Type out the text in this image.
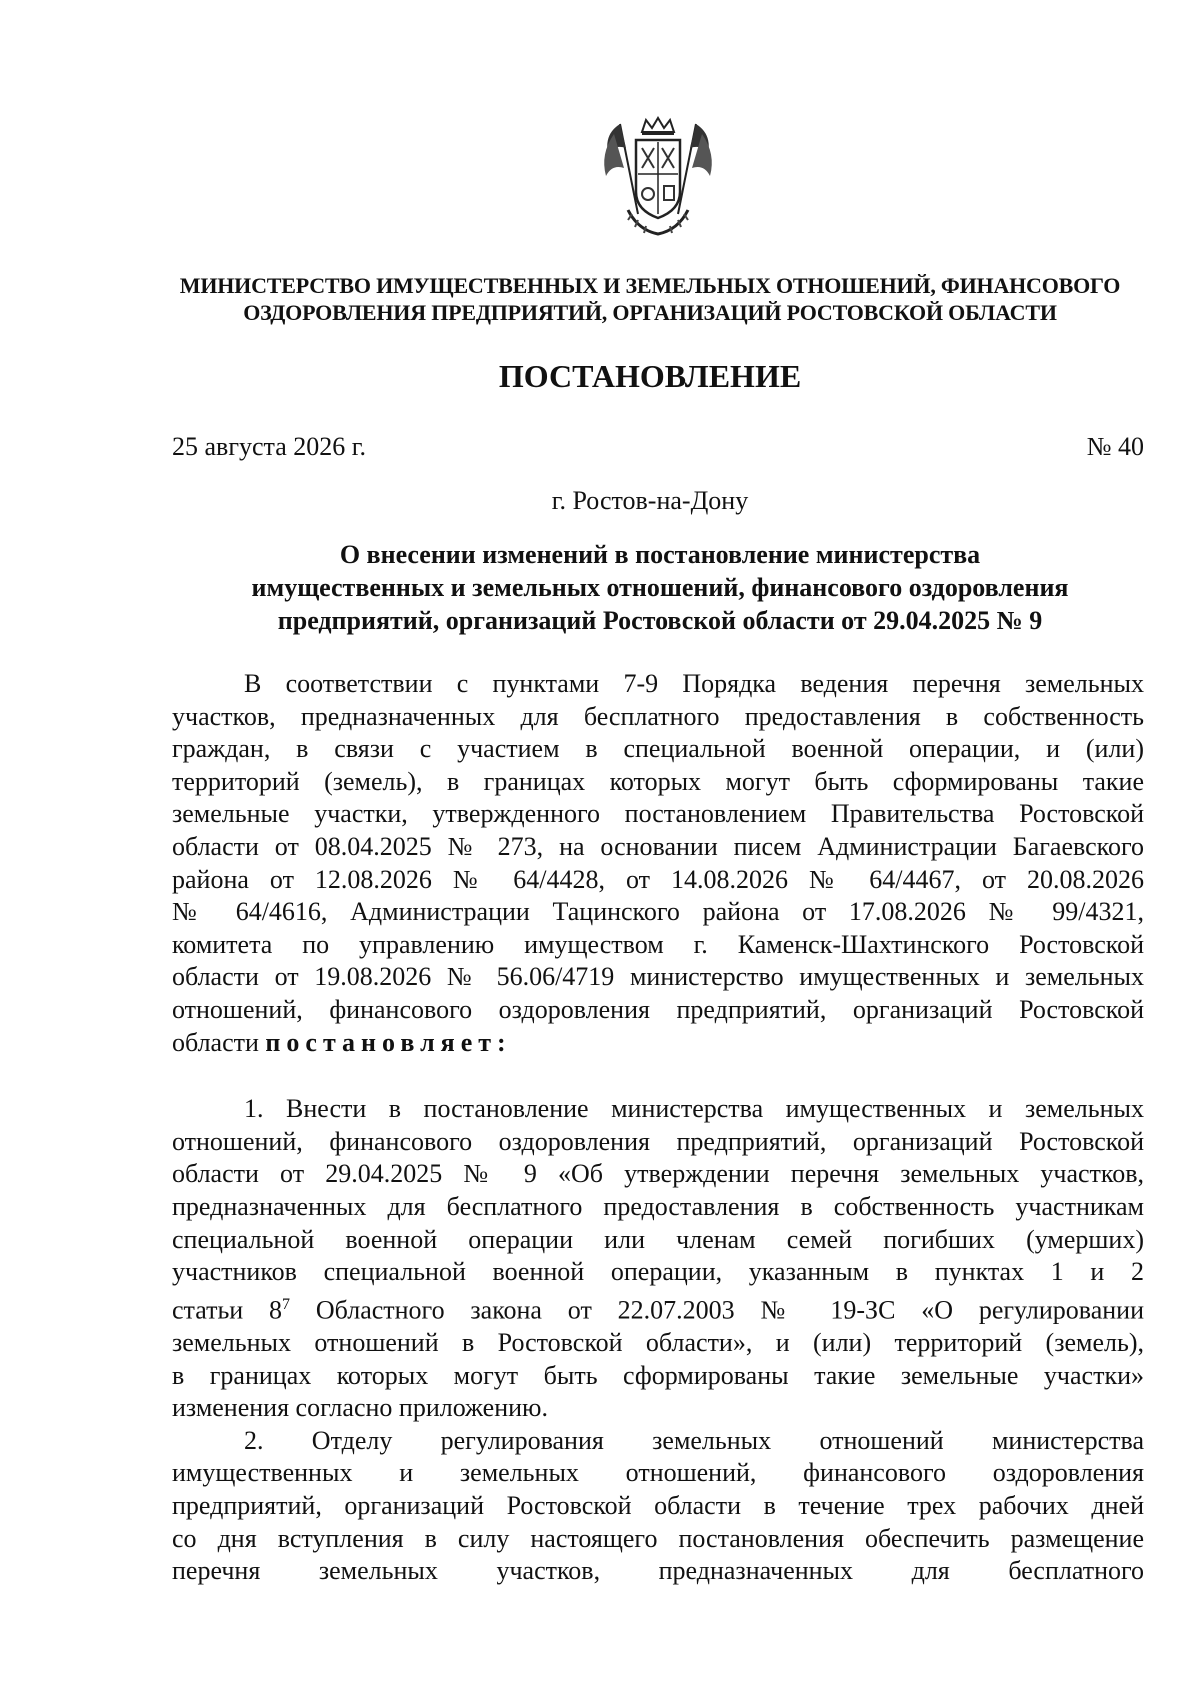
МИНИСТЕРСТВО ИМУЩЕСТВЕННЫХ И ЗЕМЕЛЬНЫХ ОТНОШЕНИЙ, ФИНАНСОВОГО
ОЗДОРОВЛЕНИЯ ПРЕДПРИЯТИЙ, ОРГАНИЗАЦИЙ РОСТОВСКОЙ ОБЛАСТИ
ПОСТАНОВЛЕНИЕ
25 августа 2026 г.	№ 40
г. Ростов-на-Дону
О внесении изменений в постановление министерства
имущественных и земельных отношений, финансового оздоровления
предприятий, организаций Ростовской области от 29.04.2025 № 9
В соответствии с пунктами 7-9 Порядка ведения перечня земельных
участков, предназначенных для бесплатного предоставления в собственность
граждан, в связи с участием в специальной военной операции, и (или)
территорий (земель), в границах которых могут быть сформированы такие
земельные участки, утвержденного постановлением Правительства Ростовской
области от 08.04.2025 № 273, на основании писем Администрации Багаевского
района от 12.08.2026 № 64/4428, от 14.08.2026 № 64/4467, от 20.08.2026
№ 64/4616, Администрации Тацинского района от 17.08.2026 № 99/4321,
комитета по управлению имуществом г. Каменск-Шахтинского Ростовской
области от 19.08.2026 № 56.06/4719 министерство имущественных и земельных
отношений, финансового оздоровления предприятий, организаций Ростовской
области постановляет:
1. Внести в постановление министерства имущественных и земельных
отношений, финансового оздоровления предприятий, организаций Ростовской
области от 29.04.2025 № 9 «Об утверждении перечня земельных участков,
предназначенных для бесплатного предоставления в собственность участникам
специальной военной операции или членам семей погибших (умерших)
участников специальной военной операции, указанным в пунктах 1 и 2
статьи $8^7$ Областного закона от 22.07.2003 № 19-ЗС «О регулировании
земельных отношений в Ростовской области», и (или) территорий (земель),
в границах которых могут быть сформированы такие земельные участки»
изменения согласно приложению.
2. Отделу регулирования земельных отношений министерства
имущественных и земельных отношений, финансового оздоровления
предприятий, организаций Ростовской области в течение трех рабочих дней
со дня вступления в силу настоящего постановления обеспечить размещение
перечня земельных участков, предназначенных для бесплатного
